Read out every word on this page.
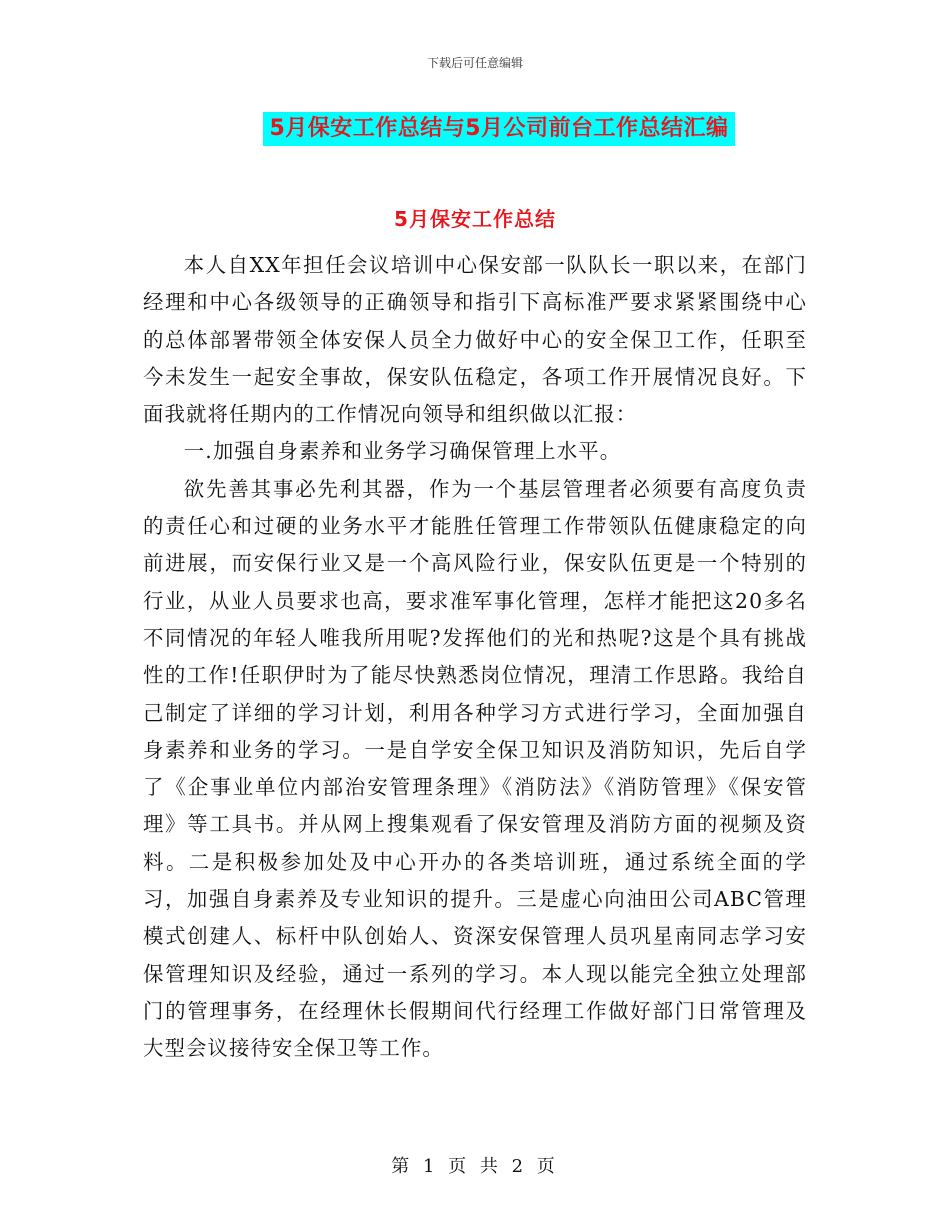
下载后可任意编辑
5月保安工作总结与5月公司前台工作总结汇编
5月保安工作总结

本人自XX年担任会议培训中心保安部一队队长一职以来，在部门经理和中心各级领导的正确领导和指引下高标准严要求紧紧围绕中心的总体部署带领全体安保人员全力做好中心的安全保卫工作，任职至今未发生一起安全事故，保安队伍稳定，各项工作开展情况良好。下面我就将任期内的工作情况向领导和组织做以汇报：

一.加强自身素养和业务学习确保管理上水平。

欲先善其事必先利其器，作为一个基层管理者必须要有高度负责的责任心和过硬的业务水平才能胜任管理工作带领队伍健康稳定的向前进展，而安保行业又是一个高风险行业，保安队伍更是一个特别的行业，从业人员要求也高，要求准军事化管理，怎样才能把这20多名不同情况的年轻人唯我所用呢?发挥他们的光和热呢?这是个具有挑战性的工作!任职伊时为了能尽快熟悉岗位情况，理清工作思路。我给自己制定了详细的学习计划，利用各种学习方式进行学习，全面加强自身素养和业务的学习。一是自学安全保卫知识及消防知识，先后自学了《企事业单位内部治安管理条理》《消防法》《消防管理》《保安管理》等工具书。并从网上搜集观看了保安管理及消防方面的视频及资料。二是积极参加处及中心开办的各类培训班，通过系统全面的学习，加强自身素养及专业知识的提升。三是虚心向油田公司ABC管理模式创建人、标杆中队创始人、资深安保管理人员巩星南同志学习安保管理知识及经验，通过一系列的学习。本人现以能完全独立处理部门的管理事务，在经理休长假期间代行经理工作做好部门日常管理及大型会议接待安全保卫等工作。

第 1 页 共 2 页
